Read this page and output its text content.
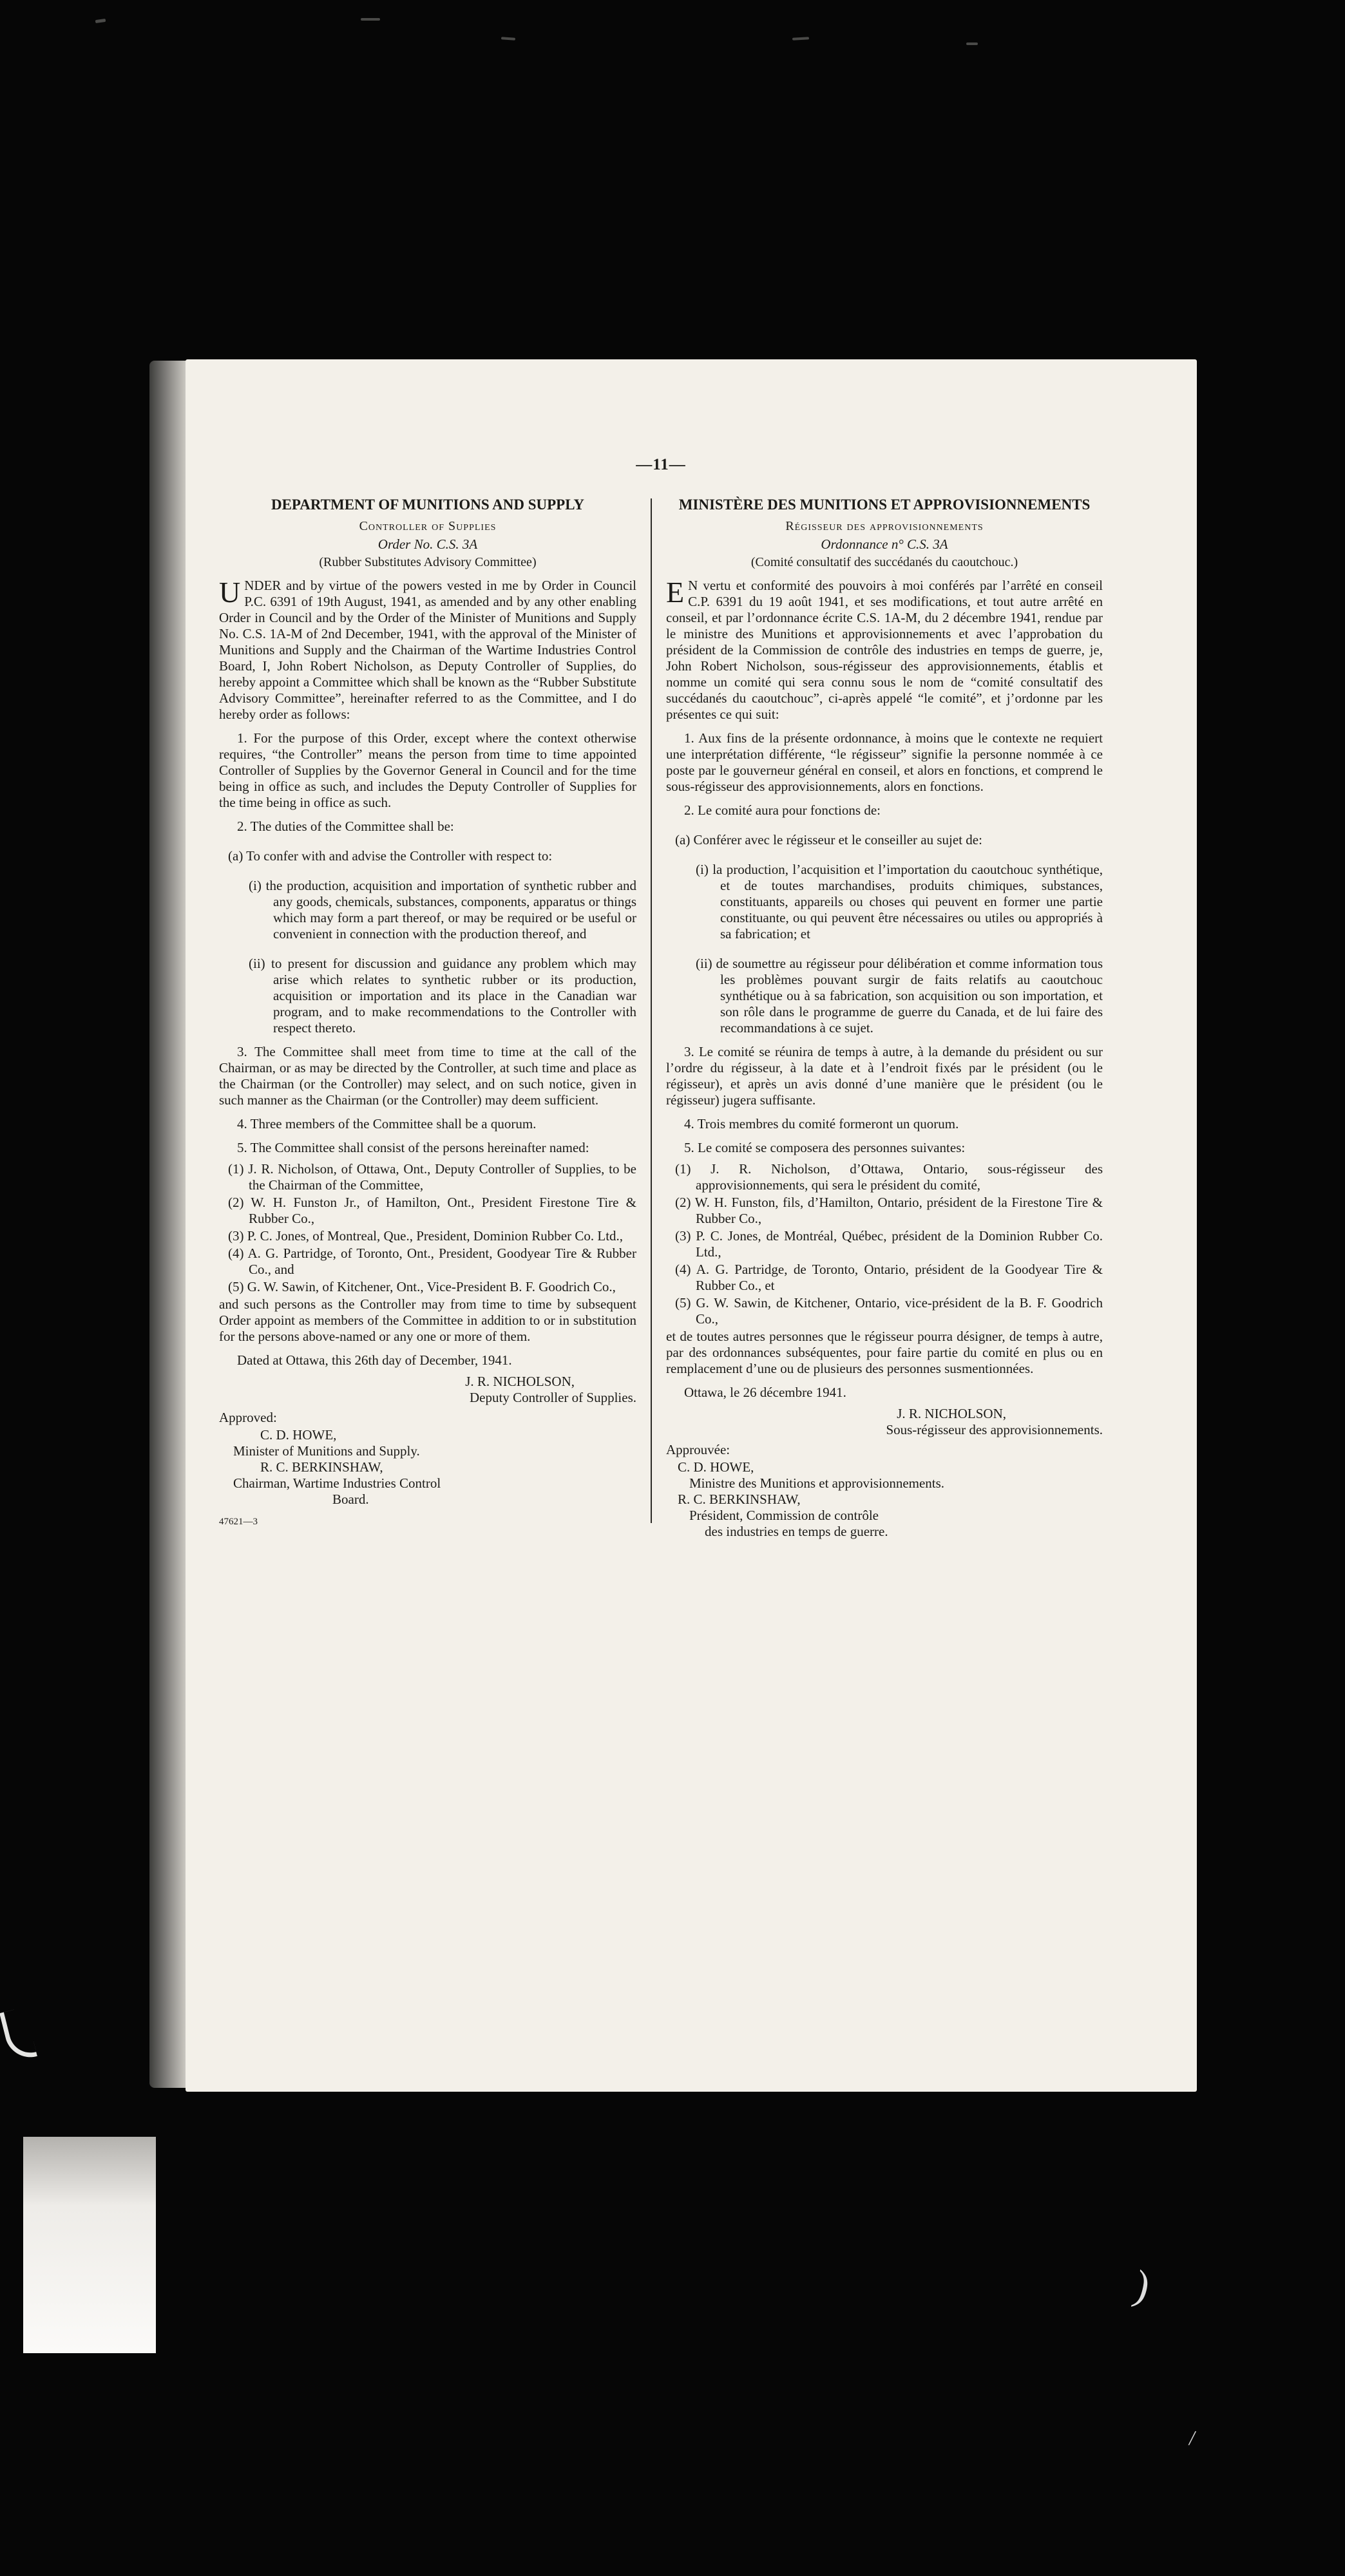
—11—
DEPARTMENT OF MUNITIONS AND SUPPLY
Controller of Supplies
Order No. C.S. 3A
(Rubber Substitutes Advisory Committee)

UNDER and by virtue of the powers vested in me by Order in Council P.C. 6391 of 19th August, 1941, as amended and by any other enabling Order in Council and by the Order of the Minister of Munitions and Supply No. C.S. 1A-M of 2nd December, 1941, with the approval of the Minister of Munitions and Supply and the Chairman of the Wartime Industries Control Board, I, John Robert Nicholson, as Deputy Controller of Supplies, do hereby appoint a Committee which shall be known as the “Rubber Substitute Advisory Committee”, hereinafter referred to as the Committee, and I do hereby order as follows:

1. For the purpose of this Order, except where the context otherwise requires, “the Controller” means the person from time to time appointed Controller of Supplies by the Governor General in Council and for the time being in office as such, and includes the Deputy Controller of Supplies for the time being in office as such.

2. The duties of the Committee shall be:

(a) To confer with and advise the Controller with respect to:

(i) the production, acquisition and importation of synthetic rubber and any goods, chemicals, substances, components, apparatus or things which may form a part thereof, or may be required or be useful or convenient in connection with the production thereof, and

(ii) to present for discussion and guidance any problem which may arise which relates to synthetic rubber or its production, acquisition or importation and its place in the Canadian war program, and to make recommendations to the Controller with respect thereto.

3. The Committee shall meet from time to time at the call of the Chairman, or as may be directed by the Controller, at such time and place as the Chairman (or the Controller) may select, and on such notice, given in such manner as the Chairman (or the Controller) may deem sufficient.

4. Three members of the Committee shall be a quorum.

5. The Committee shall consist of the persons hereinafter named:

(1) J. R. Nicholson, of Ottawa, Ont., Deputy Controller of Supplies, to be the Chairman of the Committee,

(2) W. H. Funston Jr., of Hamilton, Ont., President Firestone Tire & Rubber Co.,

(3) P. C. Jones, of Montreal, Que., President, Dominion Rubber Co. Ltd.,

(4) A. G. Partridge, of Toronto, Ont., President, Goodyear Tire & Rubber Co., and

(5) G. W. Sawin, of Kitchener, Ont., Vice-President B. F. Goodrich Co.,

and such persons as the Controller may from time to time by subsequent Order appoint as members of the Committee in addition to or in substitution for the persons above-named or any one or more of them.

Dated at Ottawa, this 26th day of December, 1941.

J. R. NICHOLSON,
Deputy Controller of Supplies.
Approved:
C. D. HOWE,
Minister of Munitions and Supply.
R. C. BERKINSHAW,
Chairman, Wartime Industries Control
Board.
47621—3
MINISTÈRE DES MUNITIONS ET APPROVISIONNEMENTS
Régisseur des approvisionnements
Ordonnance n° C.S. 3A
(Comité consultatif des succédanés du caoutchouc.)

E N vertu et conformité des pouvoirs à moi conférés par l’arrêté en conseil C.P. 6391 du 19 août 1941, et ses modifications, et tout autre arrêté en conseil, et par l’ordonnance écrite C.S. 1A-M, du 2 décembre 1941, rendue par le ministre des Munitions et approvisionnements et avec l’approbation du président de la Commission de contrôle des industries en temps de guerre, je, John Robert Nicholson, sous-régisseur des approvisionnements, établis et nomme un comité qui sera connu sous le nom de “comité consultatif des succédanés du caoutchouc”, ci-après appelé “le comité”, et j’ordonne par les présentes ce qui suit:

1. Aux fins de la présente ordonnance, à moins que le contexte ne requiert une interprétation différente, “le régisseur” signifie la personne nommée à ce poste par le gouverneur général en conseil, et alors en fonctions, et comprend le sous-régisseur des approvisionnements, alors en fonctions.

2. Le comité aura pour fonctions de:

(a) Conférer avec le régisseur et le conseiller au sujet de:

(i) la production, l’acquisition et l’importation du caoutchouc synthétique, et de toutes marchandises, produits chimiques, substances, constituants, appareils ou choses qui peuvent en former une partie constituante, ou qui peuvent être nécessaires ou utiles ou appropriés à sa fabrication; et

(ii) de soumettre au régisseur pour délibération et comme information tous les problèmes pouvant surgir de faits relatifs au caoutchouc synthétique ou à sa fabrication, son acquisition ou son importation, et son rôle dans le programme de guerre du Canada, et de lui faire des recommandations à ce sujet.

3. Le comité se réunira de temps à autre, à la demande du président ou sur l’ordre du régisseur, à la date et à l’endroit fixés par le président (ou le régisseur), et après un avis donné d’une manière que le président (ou le régisseur) jugera suffisante.

4. Trois membres du comité formeront un quorum.

5. Le comité se composera des personnes suivantes:

(1) J. R. Nicholson, d’Ottawa, Ontario, sous-régisseur des approvisionnements, qui sera le président du comité,

(2) W. H. Funston, fils, d’Hamilton, Ontario, président de la Firestone Tire & Rubber Co.,

(3) P. C. Jones, de Montréal, Québec, président de la Dominion Rubber Co. Ltd.,

(4) A. G. Partridge, de Toronto, Ontario, président de la Goodyear Tire & Rubber Co., et

(5) G. W. Sawin, de Kitchener, Ontario, vice-président de la B. F. Goodrich Co.,

et de toutes autres personnes que le régisseur pourra désigner, de temps à autre, par des ordonnances subséquentes, pour faire partie du comité en plus ou en remplacement d’une ou de plusieurs des personnes susmentionnées.

Ottawa, le 26 décembre 1941.

J. R. NICHOLSON,
Sous-régisseur des approvisionnements.
Approuvée:
C. D. HOWE,
Ministre des Munitions et approvisionnements.
R. C. BERKINSHAW,
Président, Commission de contrôle
des industries en temps de guerre.
)
/
